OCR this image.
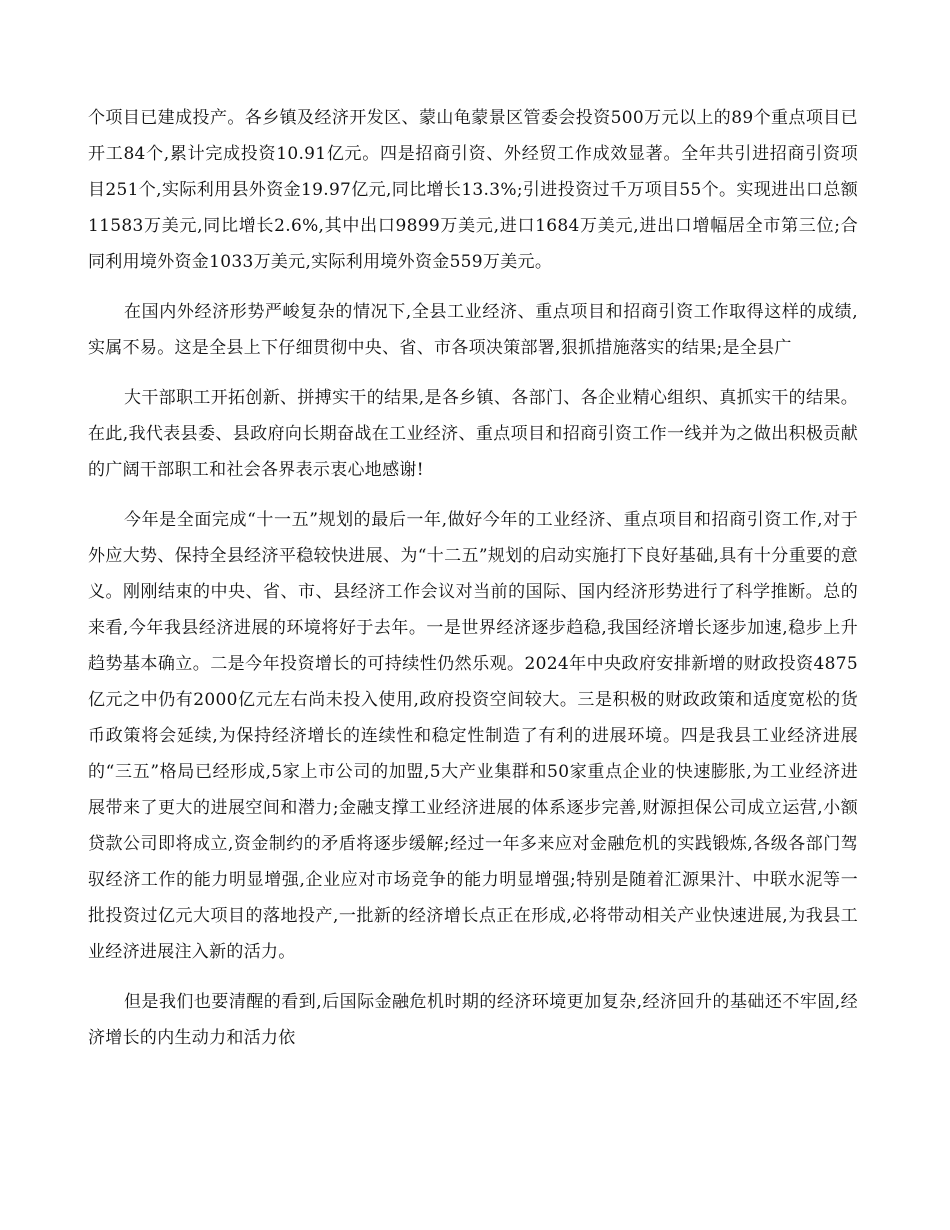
个项目已建成投产。各乡镇及经济开发区、蒙山龟蒙景区管委会投资500万元以上的89个重点项目已开工84个,累计完成投资10.91亿元。四是招商引资、外经贸工作成效显著。全年共引进招商引资项目251个,实际利用县外资金19.97亿元,同比增长13.3%;引进投资过千万项目55个。实现进出口总额11583万美元,同比增长2.6%,其中出口9899万美元,进口1684万美元,进出口增幅居全市第三位;合同利用境外资金1033万美元,实际利用境外资金559万美元。

在国内外经济形势严峻复杂的情况下,全县工业经济、重点项目和招商引资工作取得这样的成绩,实属不易。这是全县上下仔细贯彻中央、省、市各项决策部署,狠抓措施落实的结果;是全县广

大干部职工开拓创新、拼搏实干的结果,是各乡镇、各部门、各企业精心组织、真抓实干的结果。在此,我代表县委、县政府向长期奋战在工业经济、重点项目和招商引资工作一线并为之做出积极贡献的广阔干部职工和社会各界表示衷心地感谢!

今年是全面完成“十一五”规划的最后一年,做好今年的工业经济、重点项目和招商引资工作,对于外应大势、保持全县经济平稳较快进展、为“十二五”规划的启动实施打下良好基础,具有十分重要的意义。刚刚结束的中央、省、市、县经济工作会议对当前的国际、国内经济形势进行了科学推断。总的来看,今年我县经济进展的环境将好于去年。一是世界经济逐步趋稳,我国经济增长逐步加速,稳步上升趋势基本确立。二是今年投资增长的可持续性仍然乐观。2024年中央政府安排新增的财政投资4875亿元之中仍有2000亿元左右尚未投入使用,政府投资空间较大。三是积极的财政政策和适度宽松的货币政策将会延续,为保持经济增长的连续性和稳定性制造了有利的进展环境。四是我县工业经济进展的“三五”格局已经形成,5家上市公司的加盟,5大产业集群和50家重点企业的快速膨胀,为工业经济进展带来了更大的进展空间和潜力;金融支撑工业经济进展的体系逐步完善,财源担保公司成立运营,小额贷款公司即将成立,资金制约的矛盾将逐步缓解;经过一年多来应对金融危机的实践锻炼,各级各部门驾驭经济工作的能力明显增强,企业应对市场竞争的能力明显增强;特别是随着汇源果汁、中联水泥等一批投资过亿元大项目的落地投产,一批新的经济增长点正在形成,必将带动相关产业快速进展,为我县工业经济进展注入新的活力。

但是我们也要清醒的看到,后国际金融危机时期的经济环境更加复杂,经济回升的基础还不牢固,经济增长的内生动力和活力依
